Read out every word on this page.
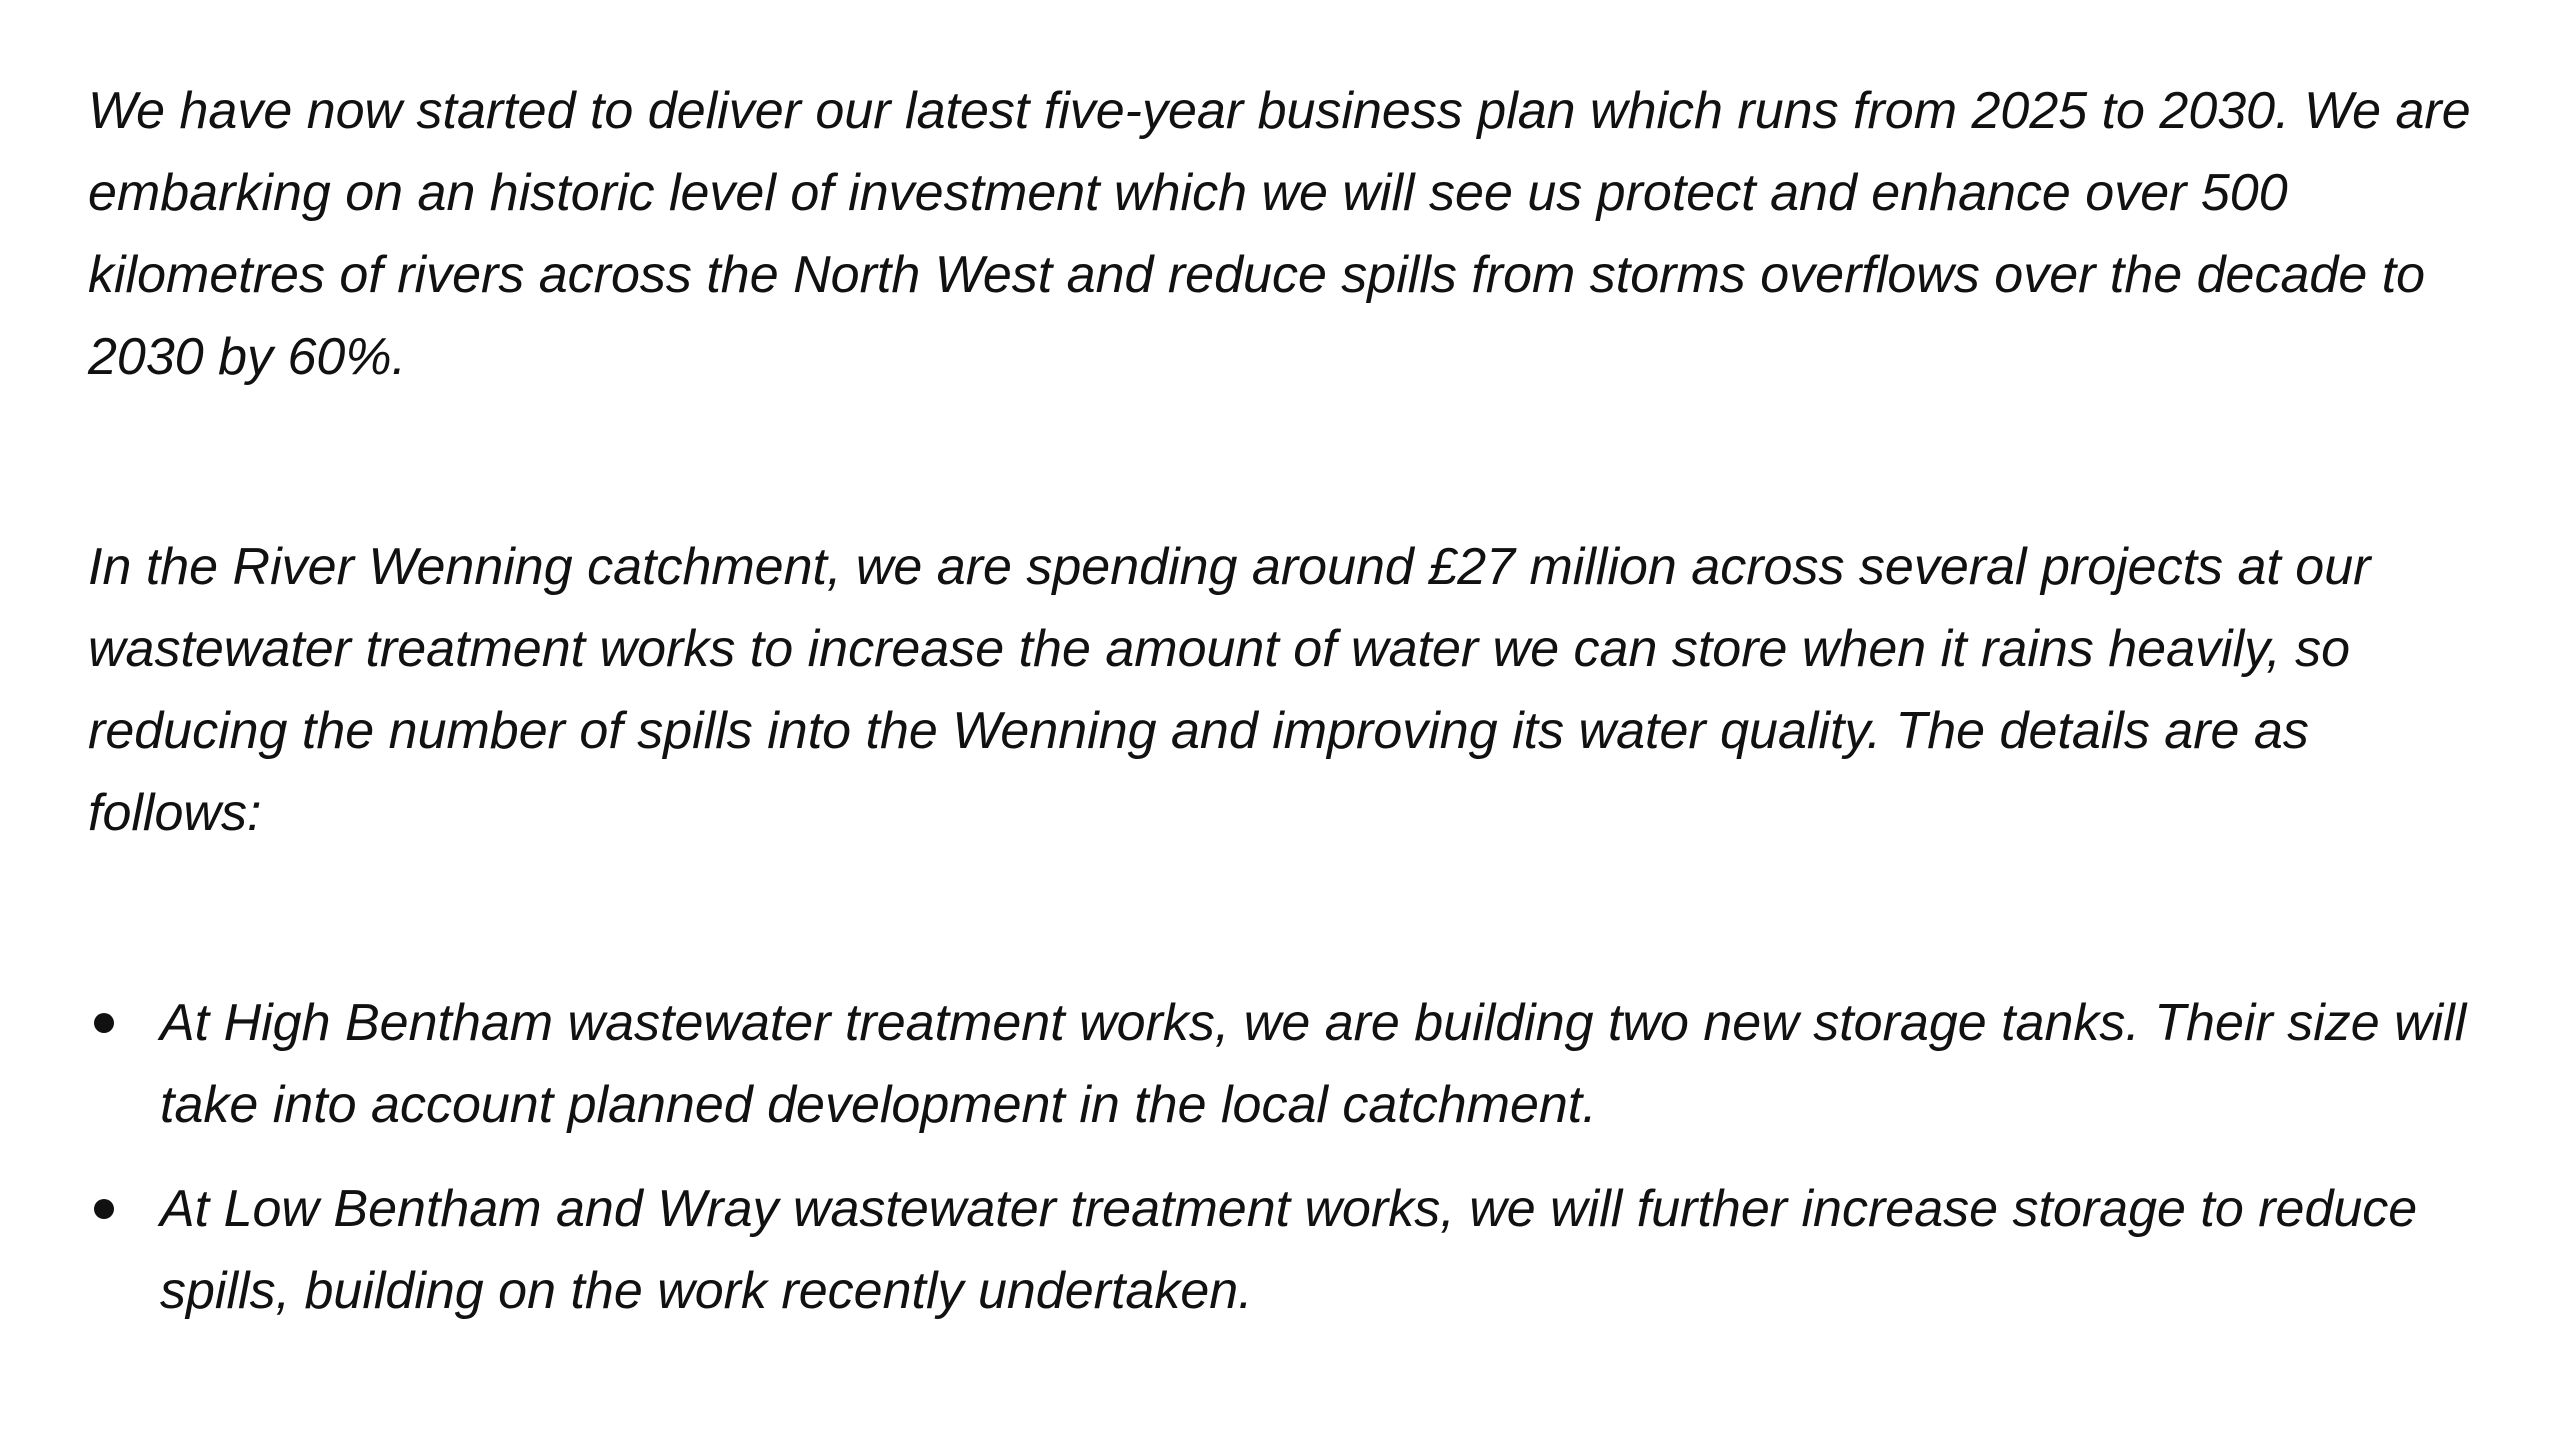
We have now started to deliver our latest five-year business plan which runs from 2025 to 2030. We are embarking on an historic level of investment which we will see us protect and enhance over 500 kilometres of rivers across the North West and reduce spills from storms overflows over the decade to 2030 by 60%.

In the River Wenning catchment, we are spending around £27 million across several projects at our wastewater treatment works to increase the amount of water we can store when it rains heavily, so reducing the number of spills into the Wenning and improving its water quality. The details are as follows:

At High Bentham wastewater treatment works, we are building two new storage tanks. Their size will take into account planned development in the local catchment.
At Low Bentham and Wray wastewater treatment works, we will further increase storage to reduce spills, building on the work recently undertaken.
